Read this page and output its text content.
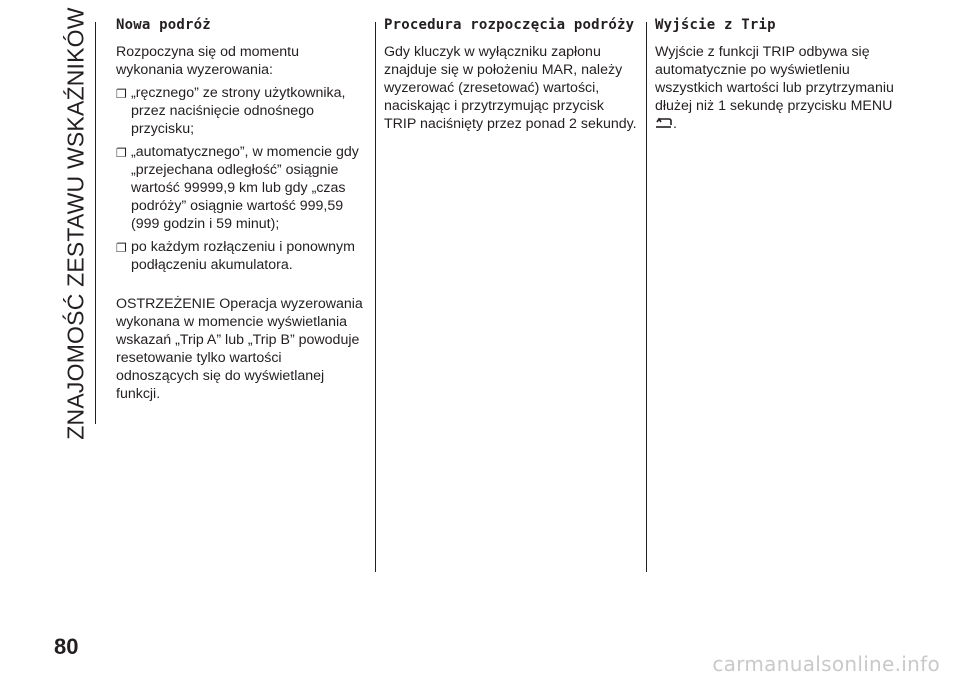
ZNAJOMOŚĆ ZESTAWU WSKAŹNIKÓW Nowa podróż

Rozpoczyna się od momentu wykonania wyzerowania:

❐ „ręcznego” ze strony użytkownika, przez naciśnięcie odnośnego przycisku;
❐ „automatycznego”, w momencie gdy „przejechana odległość” osiągnie wartość 99999,9 km lub gdy „czas podróży” osiągnie wartość 999,59 (999 godzin i 59 minut);
❐ po każdym rozłączeniu i ponownym podłączeniu akumulatora.

OSTRZEŻENIE Operacja wyzerowania wykonana w momencie wyświetlania wskazań „Trip A” lub „Trip B” powoduje resetowanie tylko wartości odnoszących się do wyświetlanej funkcji.

Procedura rozpoczęcia podróży

Gdy kluczyk w wyłączniku zapłonu znajduje się w położeniu MAR, należy wyzerować (zresetować) wartości, naciskając i przytrzymując przycisk TRIP naciśnięty przez ponad 2 sekundy.

Wyjście z Trip

Wyjście z funkcji TRIP odbywa się automatycznie po wyświetleniu wszystkich wartości lub przytrzymaniu dłużej niż 1 sekundę przycisku MENU.

80
carmanualsonline.info
